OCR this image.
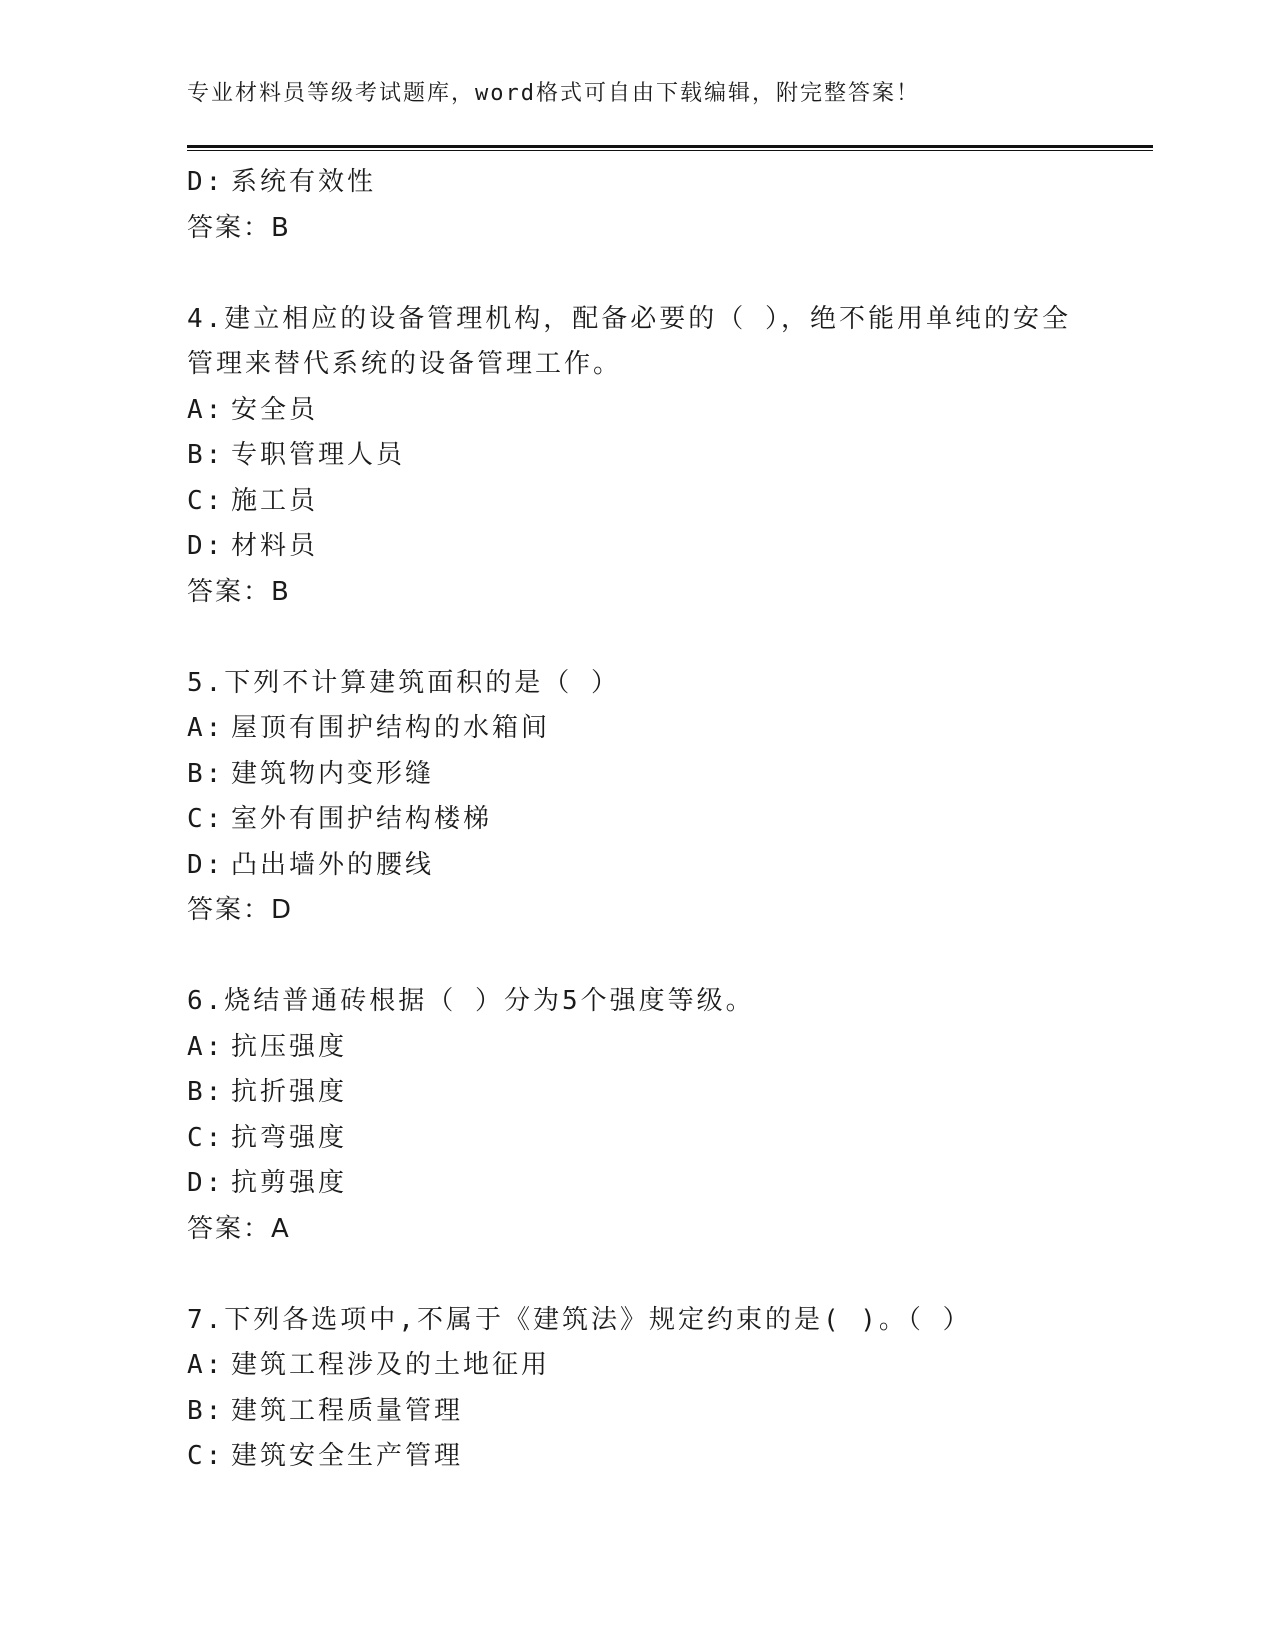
专业材料员等级考试题库，word格式可自由下载编辑，附完整答案！
D: 系统有效性
答案：B
4.建立相应的设备管理机构，配备必要的（ ），绝不能用单纯的安全
管理来替代系统的设备管理工作。
A: 安全员
B: 专职管理人员
C: 施工员
D: 材料员
答案：B
5.下列不计算建筑面积的是（ ）
A: 屋顶有围护结构的水箱间
B: 建筑物内变形缝
C: 室外有围护结构楼梯
D: 凸出墙外的腰线
答案：D
6.烧结普通砖根据（ ）分为5个强度等级。
A: 抗压强度
B: 抗折强度
C: 抗弯强度
D: 抗剪强度
答案：A
7.下列各选项中,不属于《建筑法》规定约束的是( )。（ ）
A: 建筑工程涉及的土地征用
B: 建筑工程质量管理
C: 建筑安全生产管理
